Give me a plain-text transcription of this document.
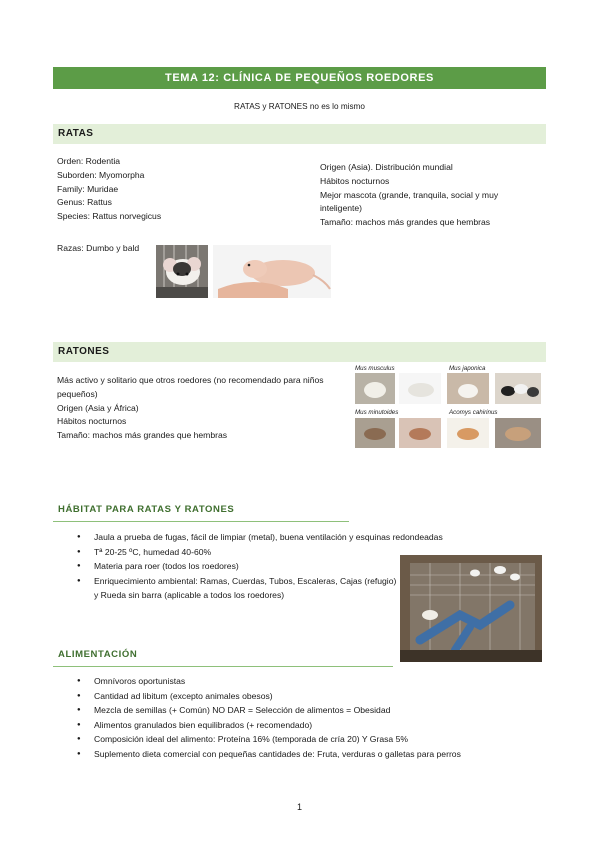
TEMA 12: CLÍNICA DE PEQUEÑOS ROEDORES
RATAS y RATONES no es lo mismo
RATAS
Orden: Rodentia
Suborden: Myomorpha
Family: Muridae
Genus: Rattus
Species: Rattus norvegicus
Origen (Asia). Distribución mundial
Hábitos nocturnos
Mejor mascota (grande, tranquila, social y muy inteligente)
Tamaño: machos más grandes que hembras
Razas: Dumbo y bald
RATONES
Más activo y solitario que otros roedores (no recomendado para niños pequeños)
Origen (Asia y África)
Hábitos nocturnos
Tamaño: machos más grandes que hembras
Mus musculus	Mus japonica
Mus minutoides	Acomys cahirinus
HÁBITAT PARA RATAS Y RATONES
● Jaula a prueba de fugas, fácil de limpiar (metal), buena ventilación y esquinas redondeadas
● Tª 20-25 ºC, humedad 40-60%
● Materia para roer (todos los roedores)
● Enriquecimiento ambiental: Ramas, Cuerdas, Tubos, Escaleras, Cajas (refugio) y Rueda sin barra (aplicable a todos los roedores)
ALIMENTACIÓN
● Omnívoros oportunistas
● Cantidad ad libitum (excepto animales obesos)
● Mezcla de semillas (+ Común) NO DAR = Selección de alimentos = Obesidad
● Alimentos granulados bien equilibrados (+ recomendado)
● Composición ideal del alimento: Proteína 16% (temporada de cría 20) Y Grasa 5%
● Suplemento dieta comercial con pequeñas cantidades de: Fruta, verduras o galletas para perros
1
